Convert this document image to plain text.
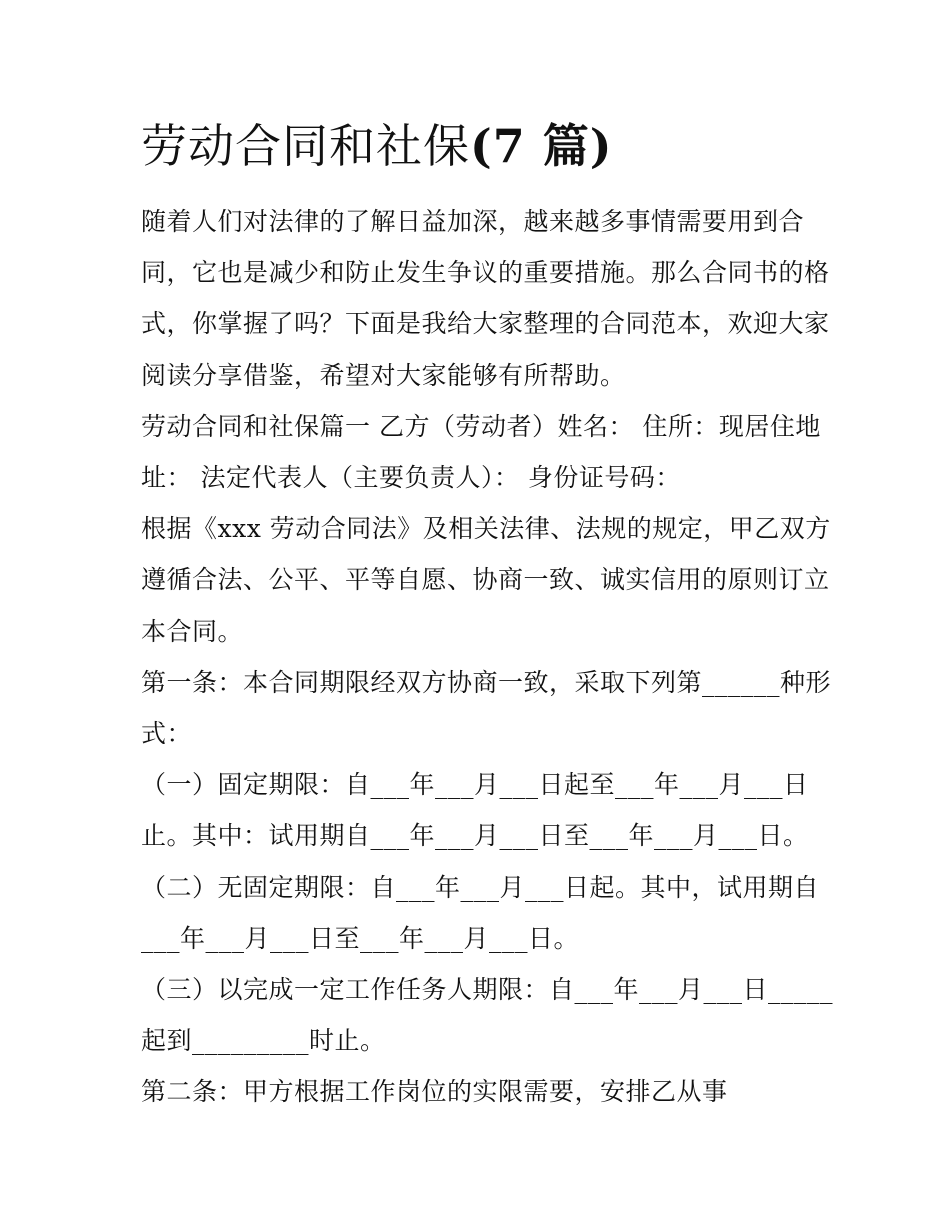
劳动合同和社保(7 篇)

随着人们对法律的了解日益加深，越来越多事情需要用到合
同，它也是减少和防止发生争议的重要措施。那么合同书的格
式，你掌握了吗？下面是我给大家整理的合同范本，欢迎大家
阅读分享借鉴，希望对大家能够有所帮助。

劳动合同和社保篇一 乙方（劳动者）姓名： 住所：现居住地
址： 法定代表人（主要负责人）： 身份证号码：

根据《xxx 劳动合同法》及相关法律、法规的规定，甲乙双方
遵循合法、公平、平等自愿、协商一致、诚实信用的原则订立
本合同。

第一条：本合同期限经双方协商一致，采取下列第______种形
式：

（一）固定期限：自___年___月___日起至___年___月___日
止。其中：试用期自___年___月___日至___年___月___日。

（二）无固定期限：自___年___月___日起。其中，试用期自
___年___月___日至___年___月___日。

（三）以完成一定工作任务人期限：自___年___月___日_____
起到_________时止。

第二条：甲方根据工作岗位的实限需要，安排乙从事
